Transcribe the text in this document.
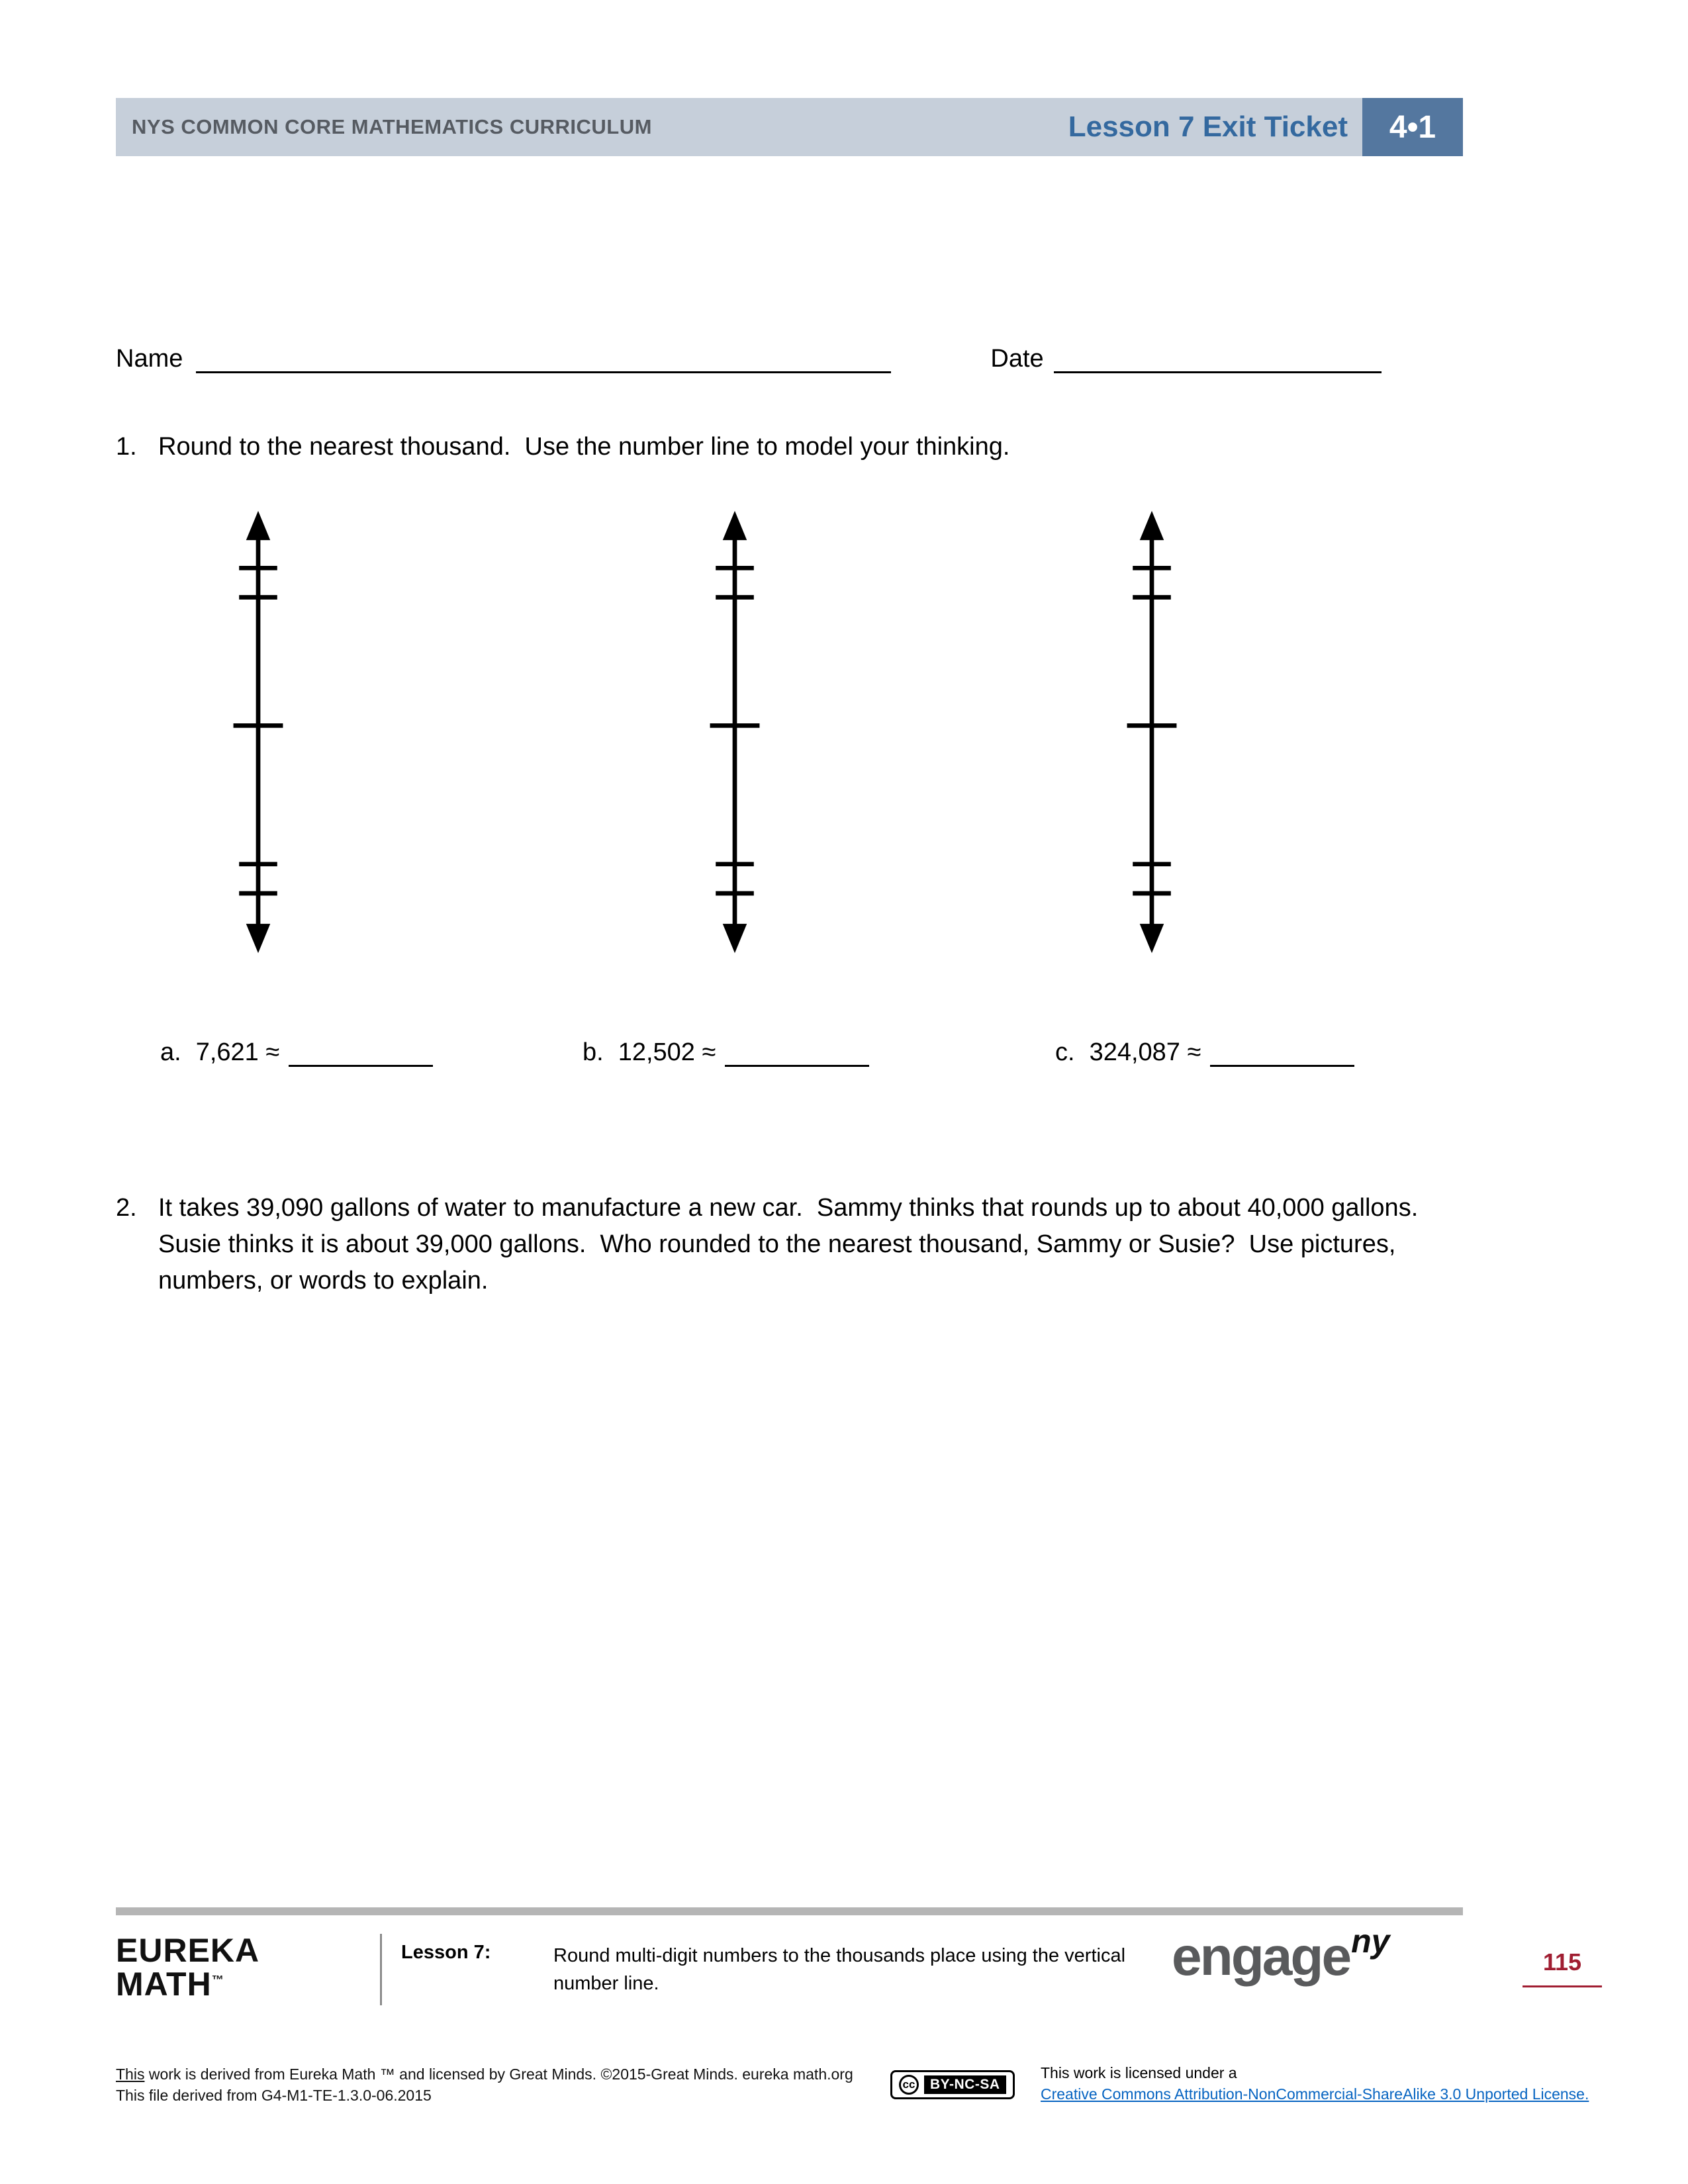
NYS COMMON CORE MATHEMATICS CURRICULUM	Lesson 7 Exit Ticket	4•1
Name	Date
1. Round to the nearest thousand.  Use the number line to model your thinking.
a. 7,621 ≈	b. 12,502 ≈	c. 324,087 ≈
2. It takes 39,090 gallons of water to manufacture a new car.  Sammy thinks that rounds up to about 40,000 gallons.  Susie thinks it is about 39,000 gallons.  Who rounded to the nearest thousand, Sammy or Susie?  Use pictures, numbers, or words to explain.
EUREKA
MATH™
Lesson 7:	Round multi-digit numbers to the thousands place using the vertical number line.	engageny
115
This work is derived from Eureka Math ™ and licensed by Great Minds. ©2015-Great Minds. eureka math.org
This file derived from G4-M1-TE-1.3.0-06.2015
cc	BY-NC-SA
This work is licensed under a
Creative Commons Attribution-NonCommercial-ShareAlike 3.0 Unported License.
